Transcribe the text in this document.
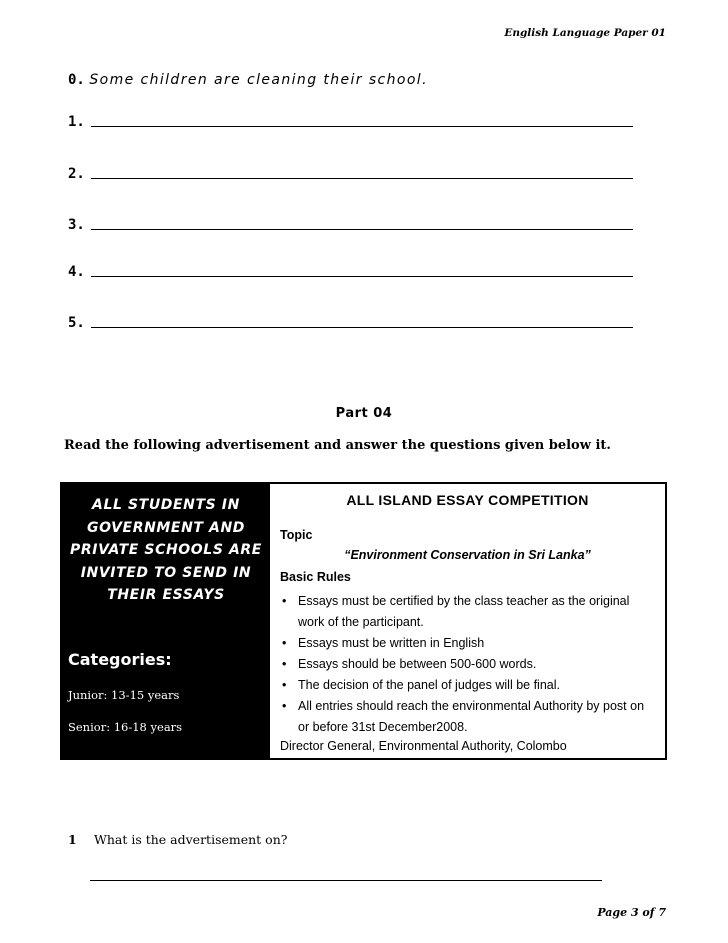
English Language Paper 01
0. Some children are cleaning their school.
1.
2.
3.
4.
5.
Part 04
Read the following advertisement and answer the questions given below it.
ALL STUDENTS IN GOVERNMENT AND PRIVATE SCHOOLS ARE INVITED TO SEND IN THEIR ESSAYS
Categories:
Junior: 13-15 years
Senior: 16-18 years
ALL ISLAND ESSAY COMPETITION
Topic
“Environment Conservation in Sri Lanka”
Basic Rules
• Essays must be certified by the class teacher as the original work of the participant.
• Essays must be written in English
• Essays should be between 500-600 words.
• The decision of the panel of judges will be final.
• All entries should reach the environmental Authority by post on or before 31st December2008.
Director General, Environmental Authority, Colombo
1 What is the advertisement on?
Page 3 of 7
